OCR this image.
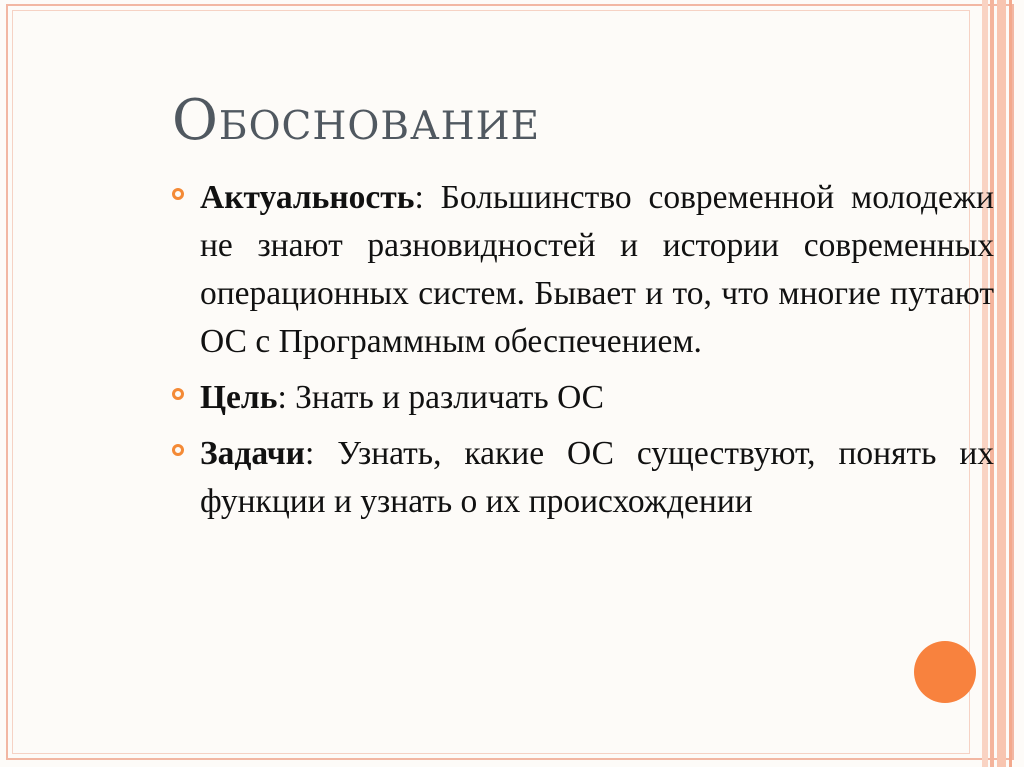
Обоснование
Актуальность: Большинство современной молодежи не знают разновидностей и истории современных операционных систем. Бывает и то, что многие путают ОС с Программным обеспечением.
Цель: Знать и различать ОС
Задачи: Узнать, какие ОС существуют, понять их функции и узнать о их происхождении
